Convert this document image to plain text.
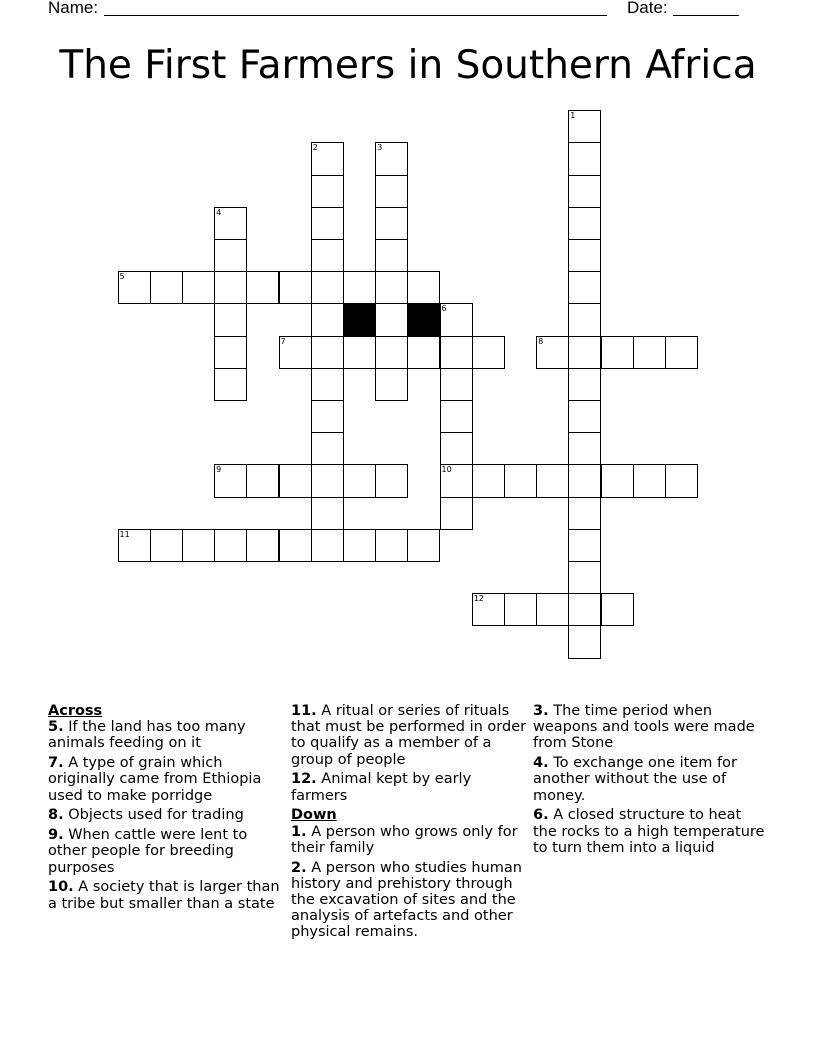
Name:	Date:
The First Farmers in Southern Africa
1
2	3
4
5
6
10
7	8
9
11
12

Across

5. If the land has too many animals feeding on it

7. A type of grain which originally came from Ethiopia used to make porridge

8. Objects used for trading

9. When cattle were lent to other people for breeding purposes

10. A society that is larger than a tribe but smaller than a state

11. A ritual or series of rituals that must be performed in order to qualify as a member of a group of people

12. Animal kept by early farmers

Down

1. A person who grows only for their family

2. A person who studies human history and prehistory through the excavation of sites and the analysis of artefacts and other physical remains.

3. The time period when weapons and tools were made from Stone

4. To exchange one item for another without the use of money.

6. A closed structure to heat the rocks to a high temperature to turn them into a liquid
